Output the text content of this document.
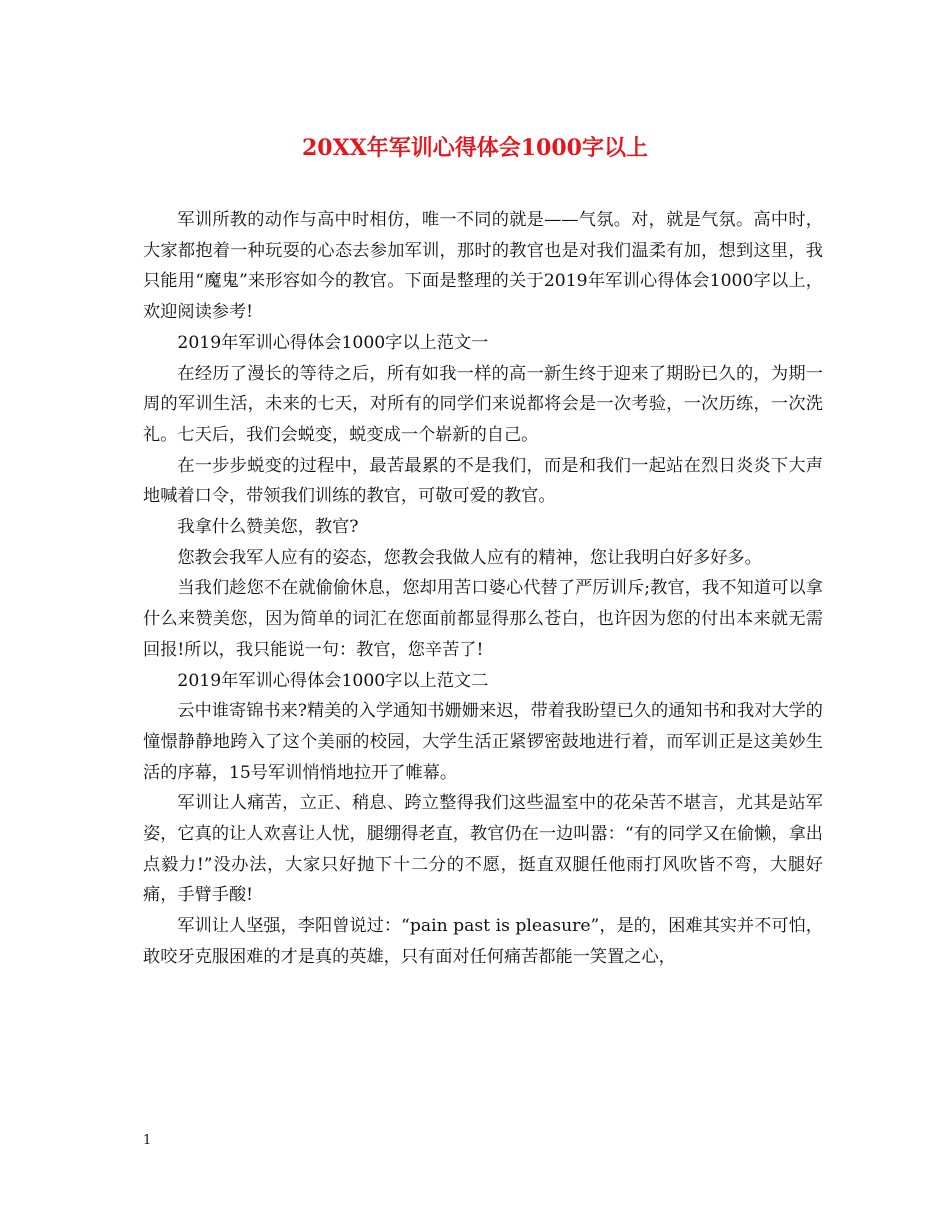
20XX年军训心得体会1000字以上

军训所教的动作与高中时相仿，唯一不同的就是——气氛。对，就是气氛。高中时，大家都抱着一种玩耍的心态去参加军训，那时的教官也是对我们温柔有加，想到这里，我只能用“魔鬼”来形容如今的教官。下面是整理的关于2019年军训心得体会1000字以上，欢迎阅读参考!

2019年军训心得体会1000字以上范文一

在经历了漫长的等待之后，所有如我一样的高一新生终于迎来了期盼已久的，为期一周的军训生活，未来的七天，对所有的同学们来说都将会是一次考验，一次历练，一次洗礼。七天后，我们会蜕变，蜕变成一个崭新的自己。

在一步步蜕变的过程中，最苦最累的不是我们，而是和我们一起站在烈日炎炎下大声地喊着口令，带领我们训练的教官，可敬可爱的教官。

我拿什么赞美您，教官?

您教会我军人应有的姿态，您教会我做人应有的精神，您让我明白好多好多。

当我们趁您不在就偷偷休息，您却用苦口婆心代替了严厉训斥;教官，我不知道可以拿什么来赞美您，因为简单的词汇在您面前都显得那么苍白，也许因为您的付出本来就无需回报!所以，我只能说一句：教官，您辛苦了!

2019年军训心得体会1000字以上范文二

云中谁寄锦书来?精美的入学通知书姗姗来迟，带着我盼望已久的通知书和我对大学的憧憬静静地跨入了这个美丽的校园，大学生活正紧锣密鼓地进行着，而军训正是这美妙生活的序幕，15号军训悄悄地拉开了帷幕。

军训让人痛苦，立正、稍息、跨立整得我们这些温室中的花朵苦不堪言，尤其是站军姿，它真的让人欢喜让人忧，腿绷得老直，教官仍在一边叫嚣：“有的同学又在偷懒，拿出点毅力!”没办法，大家只好抛下十二分的不愿，挺直双腿任他雨打风吹皆不弯，大腿好痛，手臂手酸!

军训让人坚强，李阳曾说过：“pain past is pleasure”，是的，困难其实并不可怕，敢咬牙克服困难的才是真的英雄，只有面对任何痛苦都能一笑置之心，

1
